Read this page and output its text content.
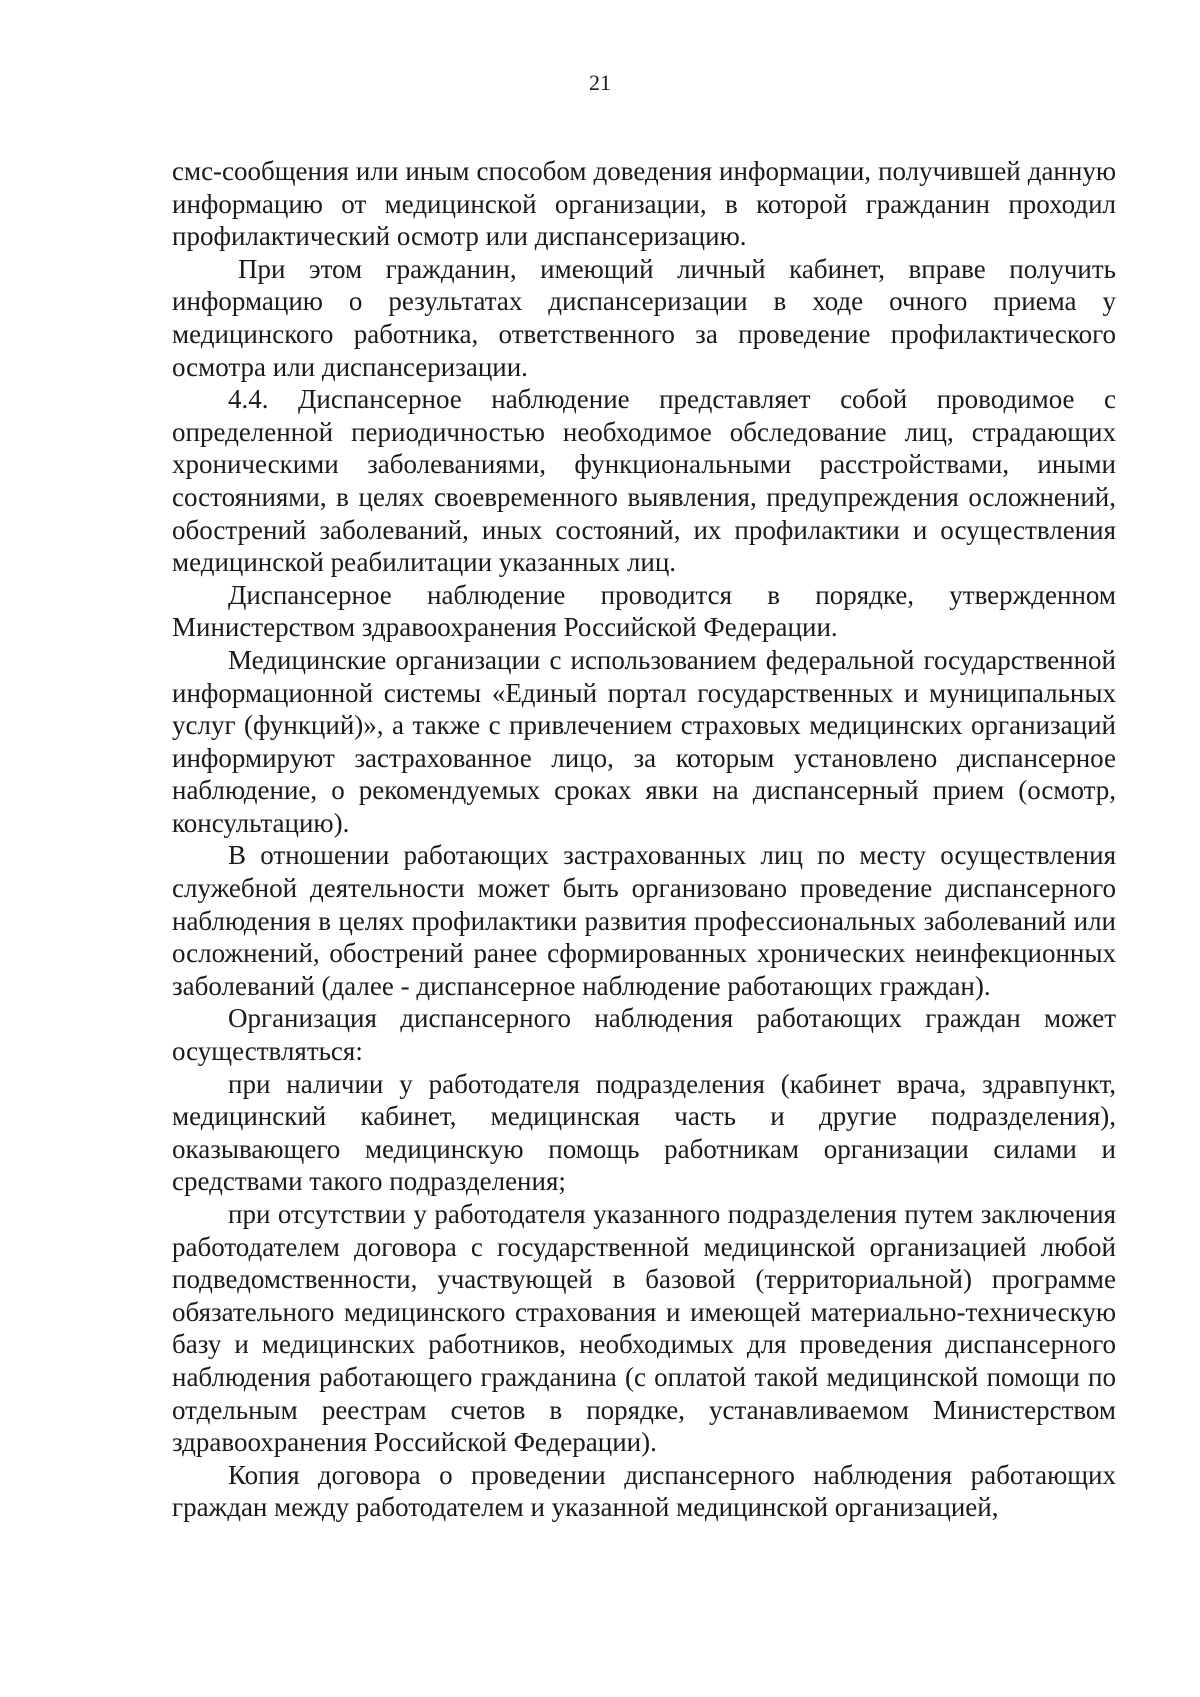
21

смс-сообщения или иным способом доведения информации, получившей данную информацию от медицинской организации, в которой гражданин проходил профилактический осмотр или диспансеризацию.

При этом гражданин, имеющий личный кабинет, вправе получить информацию о результатах диспансеризации в ходе очного приема у медицинского работника, ответственного за проведение профилактического осмотра или диспансеризации.

4.4. Диспансерное наблюдение представляет собой проводимое с определенной периодичностью необходимое обследование лиц, страдающих хроническими заболеваниями, функциональными расстройствами, иными состояниями, в целях своевременного выявления, предупреждения осложнений, обострений заболеваний, иных состояний, их профилактики и осуществления медицинской реабилитации указанных лиц.

Диспансерное наблюдение проводится в порядке, утвержденном Министерством здравоохранения Российской Федерации.

Медицинские организации с использованием федеральной государственной информационной системы «Единый портал государственных и муниципальных услуг (функций)», а также с привлечением страховых медицинских организаций информируют застрахованное лицо, за которым установлено диспансерное наблюдение, о рекомендуемых сроках явки на диспансерный прием (осмотр, консультацию).

В отношении работающих застрахованных лиц по месту осуществления служебной деятельности может быть организовано проведение диспансерного наблюдения в целях профилактики развития профессиональных заболеваний или осложнений, обострений ранее сформированных хронических неинфекционных заболеваний (далее - диспансерное наблюдение работающих граждан).

Организация диспансерного наблюдения работающих граждан может осуществляться:

при наличии у работодателя подразделения (кабинет врача, здравпункт, медицинский кабинет, медицинская часть и другие подразделения), оказывающего медицинскую помощь работникам организации силами и средствами такого подразделения;

при отсутствии у работодателя указанного подразделения путем заключения работодателем договора с государственной медицинской организацией любой подведомственности, участвующей в базовой (территориальной) программе обязательного медицинского страхования и имеющей материально-техническую базу и медицинских работников, необходимых для проведения диспансерного наблюдения работающего гражданина (с оплатой такой медицинской помощи по отдельным реестрам счетов в порядке, устанавливаемом Министерством здравоохранения Российской Федерации).

Копия договора о проведении диспансерного наблюдения работающих граждан между работодателем и указанной медицинской организацией,
